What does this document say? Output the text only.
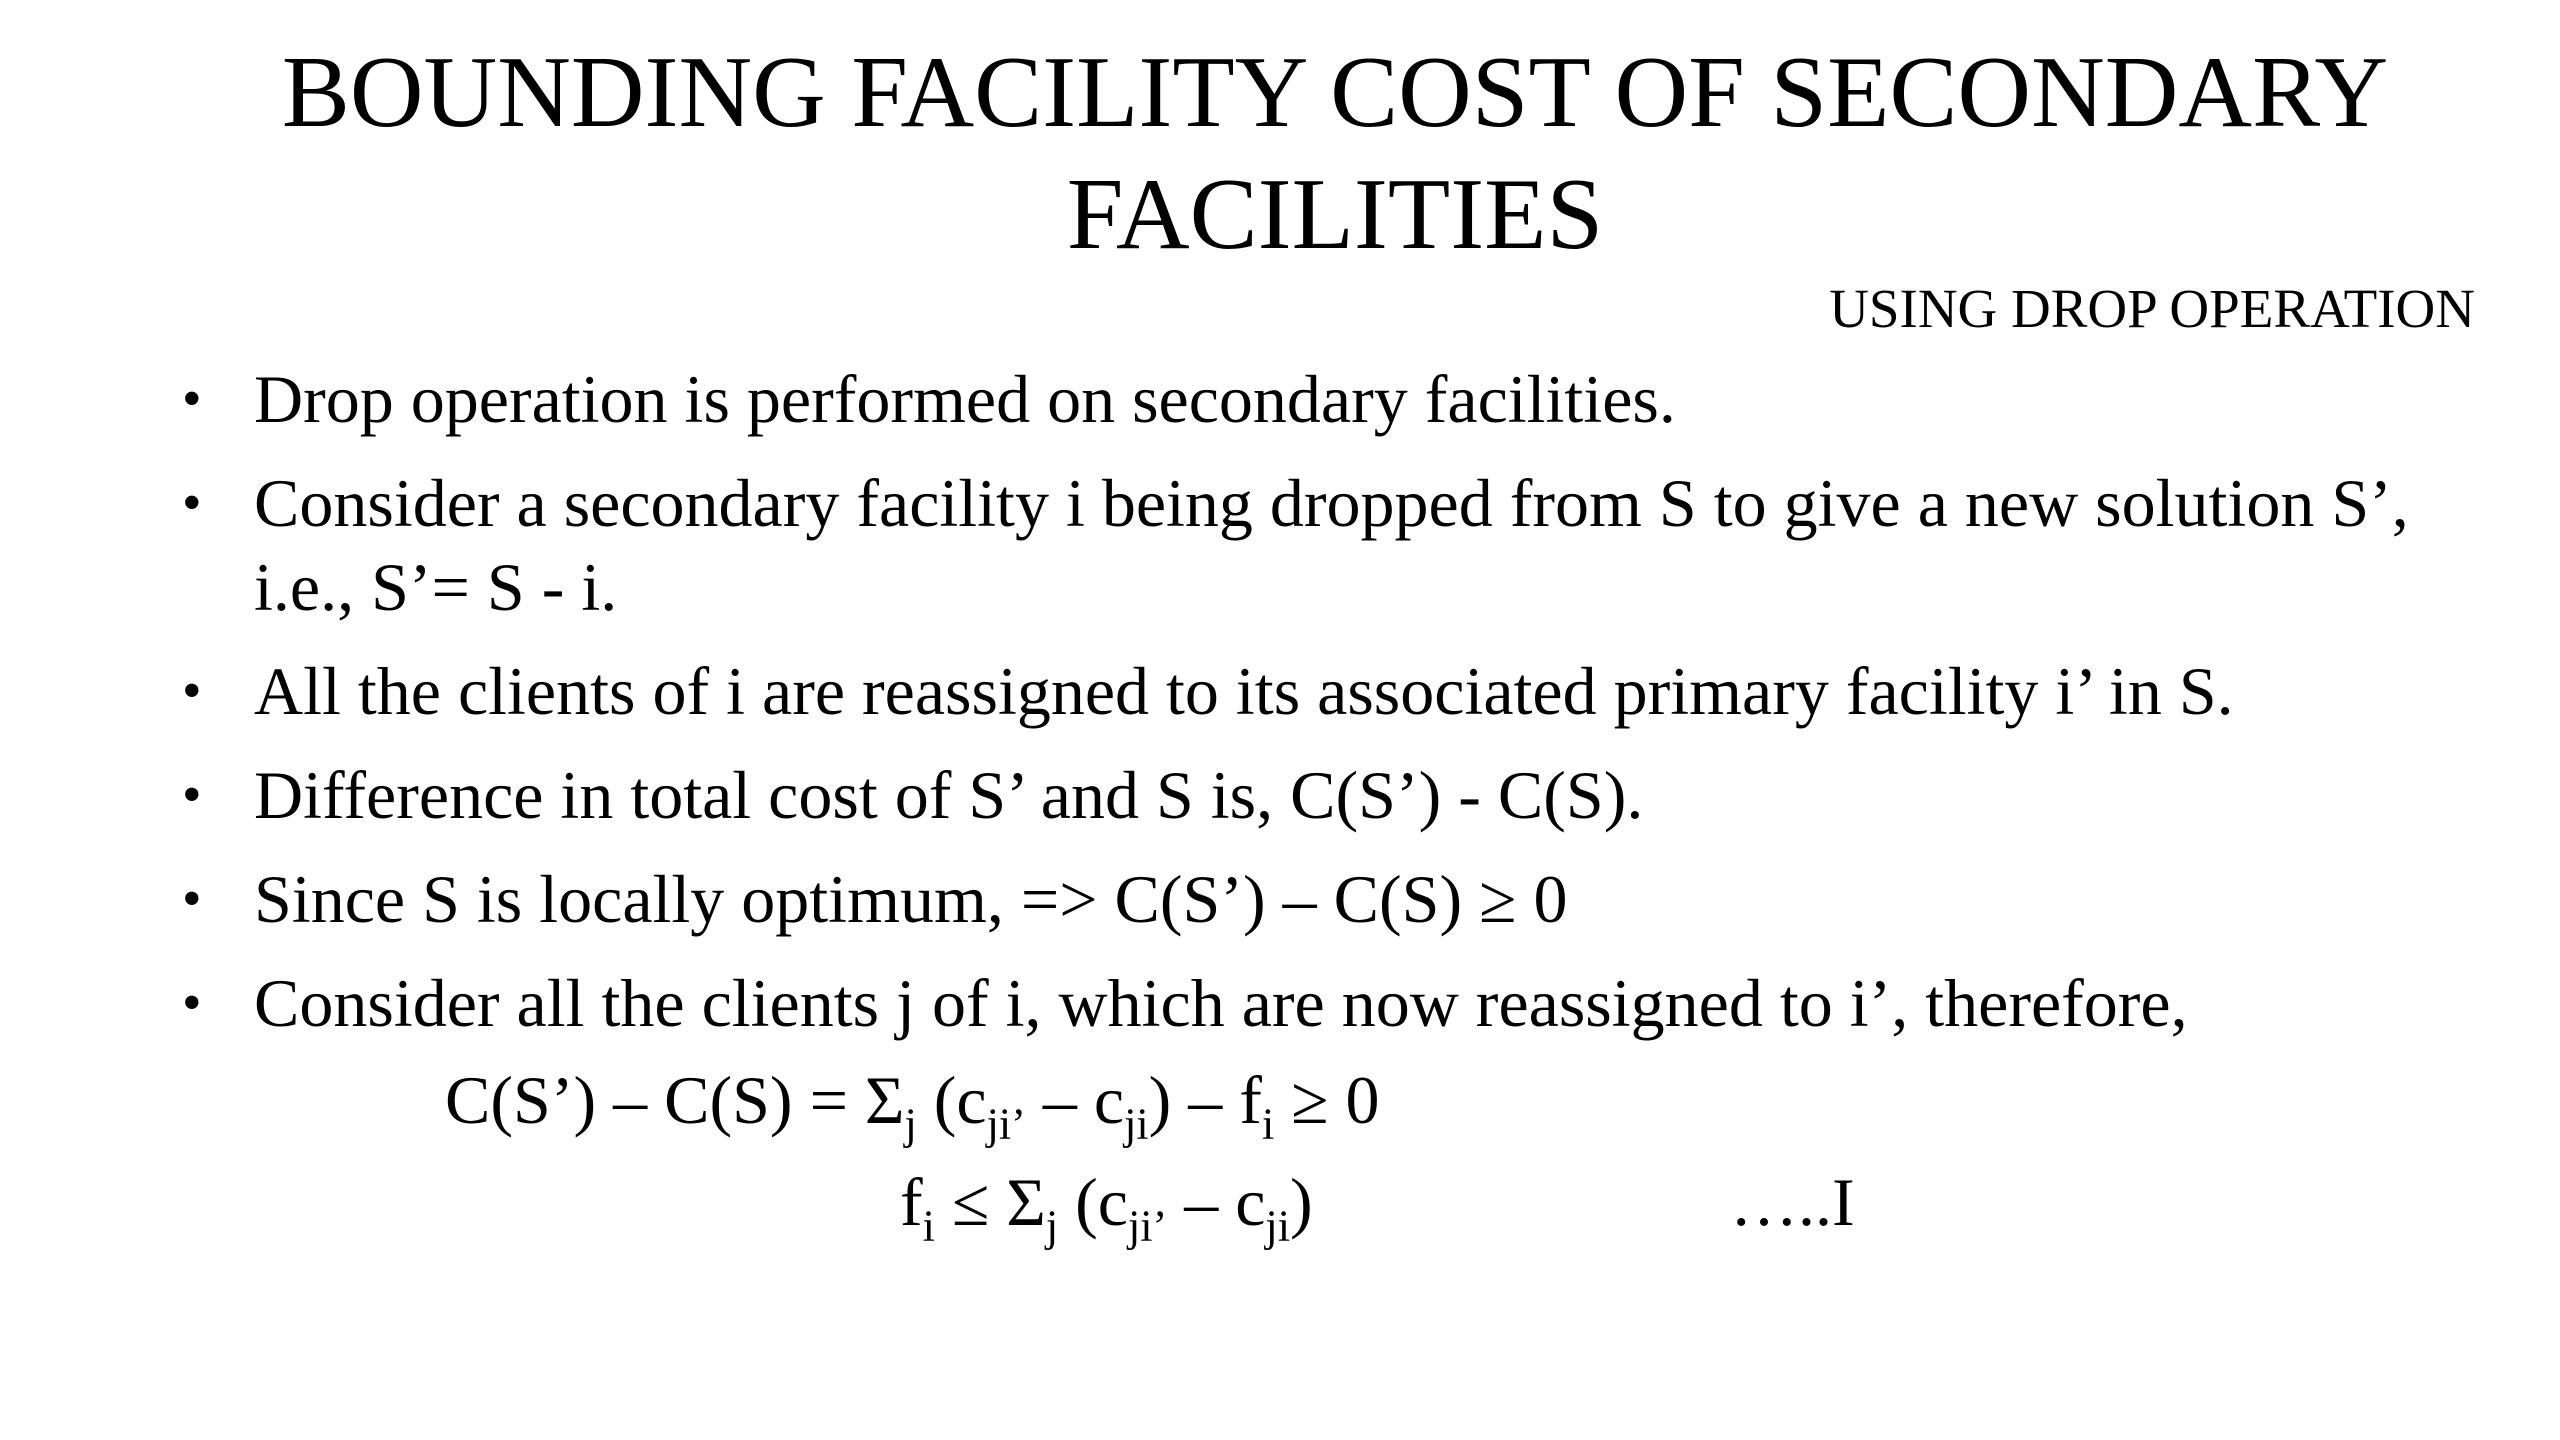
BOUNDING FACILITY COST OF SECONDARY FACILITIES
USING DROP OPERATION
• Drop operation is performed on secondary facilities.
• Consider a secondary facility i being dropped from S to give a new solution S’, i.e., S’= S - i.
• All the clients of i are reassigned to its associated primary facility i’ in S.
• Difference in total cost of S’ and S is, C(S’) - C(S).
• Since S is locally optimum, => C(S’) – C(S) ≥ 0
• Consider all the clients j of i, which are now reassigned to i’, therefore,
C(S’) – $C(S) = \Sigma_j$ $(c_{ji’} - c_{ji}) - f_i \ge 0$
$f_i \le \Sigma_j$ $(c_{ji’} - c_{ji})$	…..I
